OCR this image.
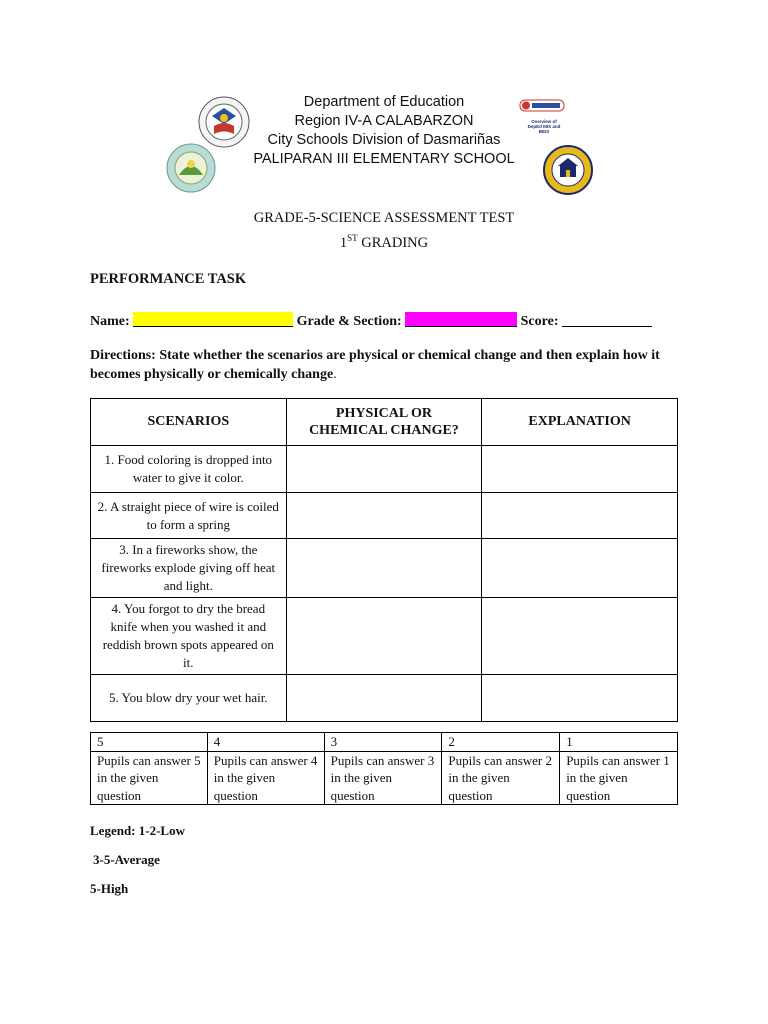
Overview of DepEd MIS and BEIS
Department of Education
Region IV-A CALABARZON
City Schools Division of Dasmariñas
PALIPARAN III ELEMENTARY SCHOOL
GRADE-5-SCIENCE ASSESSMENT TEST
1ST GRADING
PERFORMANCE TASK
Name:	Grade & Section:	Score:
Directions: State whether the scenarios are physical or chemical change and then explain how it becomes physically or chemically change.
SCENARIOS	PHYSICAL OR CHEMICAL CHANGE?	EXPLANATION
1. Food coloring is dropped into water to give it color.		
2. A straight piece of wire is coiled to form a spring		
3. In a fireworks show, the fireworks explode giving off heat and light.		
4. You forgot to dry the bread knife when you washed it and reddish brown spots appeared on it.		
5. You blow dry your wet hair.		
5	4	3	2	1
Pupils can answer 5 in the given question	Pupils can answer 4 in the given question	Pupils can answer 3 in the given question	Pupils can answer 2 in the given question	Pupils can answer 1 in the given question
Legend: 1-2-Low
3-5-Average
5-High
